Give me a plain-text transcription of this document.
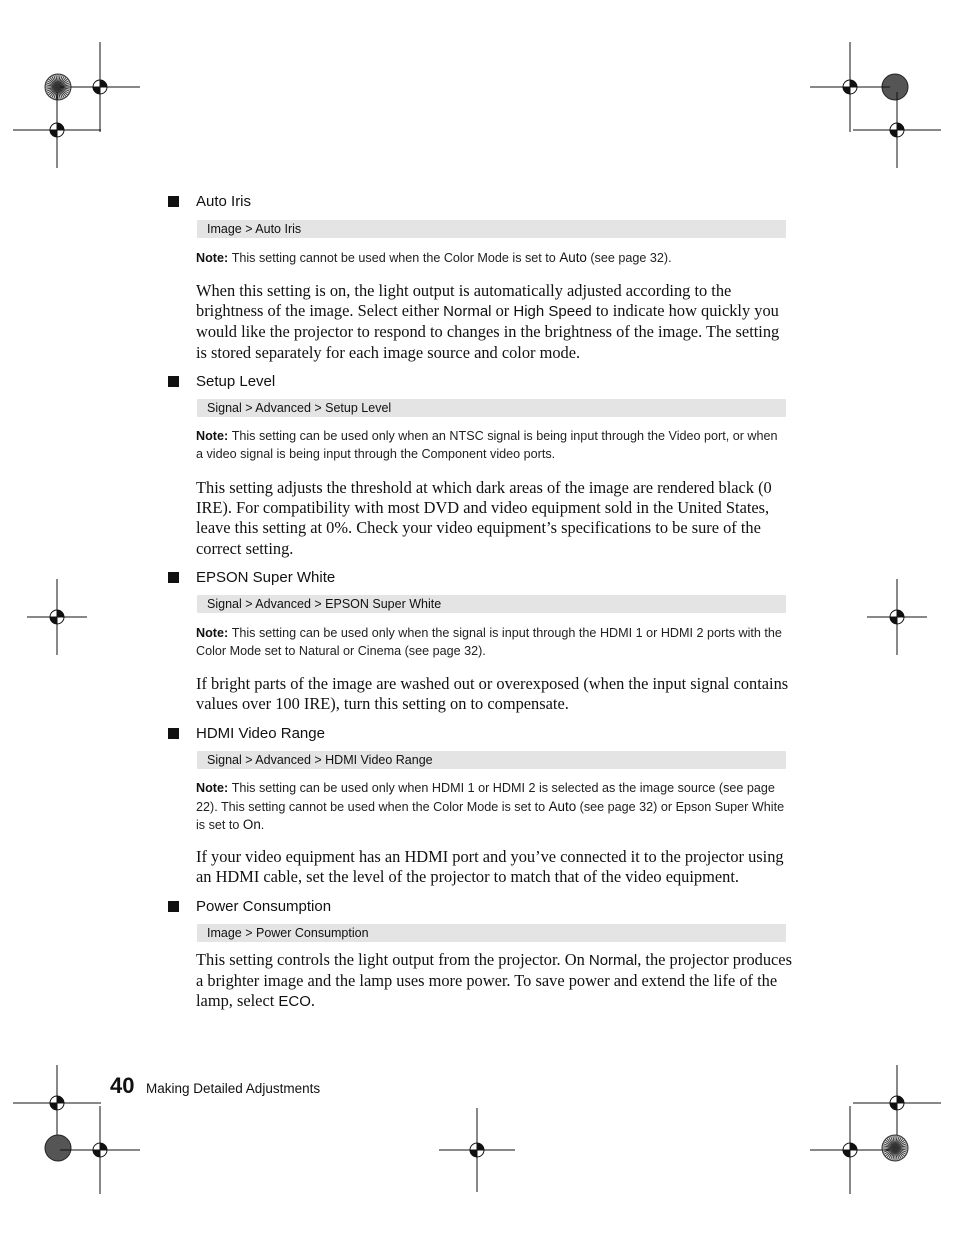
Auto Iris
Image > Auto Iris
Note: This setting cannot be used when the Color Mode is set to Auto (see page 32).
When this setting is on, the light output is automatically adjusted according to the brightness of the image. Select either Normal or High Speed to indicate how quickly you would like the projector to respond to changes in the brightness of the image. The setting is stored separately for each image source and color mode.
Setup Level
Signal > Advanced > Setup Level
Note: This setting can be used only when an NTSC signal is being input through the Video port, or when a video signal is being input through the Component video ports.
This setting adjusts the threshold at which dark areas of the image are rendered black (0 IRE). For compatibility with most DVD and video equipment sold in the United States, leave this setting at 0%. Check your video equipment’s specifications to be sure of the correct setting.
EPSON Super White
Signal > Advanced > EPSON Super White
Note: This setting can be used only when the signal is input through the HDMI 1 or HDMI 2 ports with the Color Mode set to Natural or Cinema (see page 32).
If bright parts of the image are washed out or overexposed (when the input signal contains values over 100 IRE), turn this setting on to compensate.
HDMI Video Range
Signal > Advanced > HDMI Video Range
Note: This setting can be used only when HDMI 1 or HDMI 2 is selected as the image source (see page 22). This setting cannot be used when the Color Mode is set to Auto (see page 32) or Epson Super White is set to On.
If your video equipment has an HDMI port and you’ve connected it to the projector using an HDMI cable, set the level of the projector to match that of the video equipment.
Power Consumption
Image > Power Consumption
This setting controls the light output from the projector. On Normal, the projector produces a brighter image and the lamp uses more power. To save power and extend the life of the lamp, select ECO.
40 Making Detailed Adjustments
